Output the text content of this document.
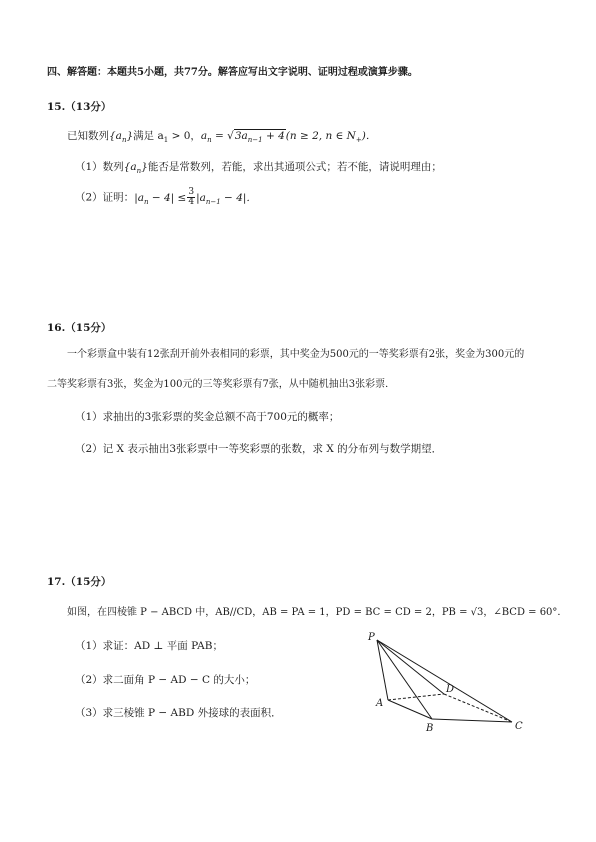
四、解答题：本题共5小题，共77分。解答应写出文字说明、证明过程或演算步骤。
15.（13分）
已知数列$\{a_n\}$满足 $a_1 > 0$，$a_n = √3a_{n-1} + 4(n \ge 2$, n ∈ $N_+$)．
（1）数列$\{a_n\}$能否是常数列，若能，求出其通项公式；若不能，请说明理由；
（2）证明：$|a_n - 4| \le \frac{3}{4} |a_{n-1} - 4|$．
16.（15分）
一个彩票盒中装有12张刮开前外表相同的彩票，其中奖金为500元的一等奖彩票有2张，奖金为300元的
二等奖彩票有3张，奖金为100元的三等奖彩票有7张，从中随机抽出3张彩票．
（1）求抽出的3张彩票的奖金总额不高于700元的概率；
（2）记 X 表示抽出3张彩票中一等奖彩票的张数，求 X 的分布列与数学期望．
17.（15分）
如图，在四棱锥 P − ABCD 中，AB//CD，AB = PA = 1，PD = BC = CD = 2，PB = √3，∠BCD = 60°．
（1）求证：AD ⊥ 平面 PAB；
（2）求二面角 P − AD − C 的大小；
（3）求三棱锥 P − ABD 外接球的表面积．
P
A
B	C
D
